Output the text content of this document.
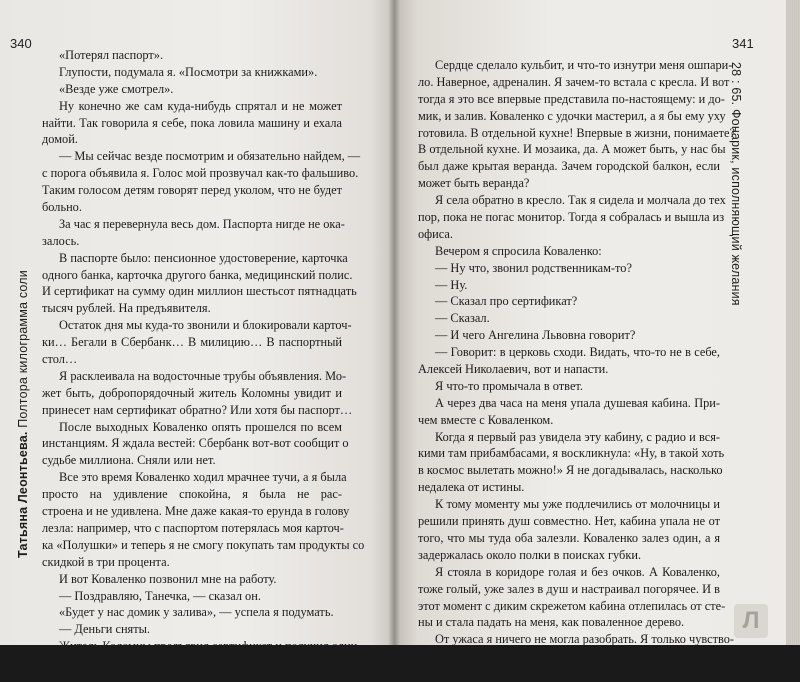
340
Татьяна Леонтьева. Полтора килограмма соли
«Потерял паспорт».
Глупости, подумала я. «Посмотри за книжками».
«Везде уже смотрел».
Ну конечно же сам куда-нибудь спрятал и не может
найти. Так говорила я себе, пока ловила машину и ехала
домой.
— Мы сейчас везде посмотрим и обязательно найдем, —
с порога объявила я. Голос мой прозвучал как-то фальшиво.
Таким голосом детям говорят перед уколом, что не будет
больно.
За час я перевернула весь дом. Паспорта нигде не ока-
залось.
В паспорте было: пенсионное удостоверение, карточка
одного банка, карточка другого банка, медицинский полис.
И сертификат на сумму один миллион шестьсот пятнадцать
тысяч рублей. На предъявителя.
Остаток дня мы куда-то звонили и блокировали карточ-
ки… Бегали в Сбербанк… В милицию… В паспортный
стол…
Я расклеивала на водосточные трубы объявления. Мо-
жет быть, добропорядочный житель Коломны увидит и
принесет нам сертификат обратно? Или хотя бы паспорт…
После выходных Коваленко опять прошелся по всем
инстанциям. Я ждала вестей: Сбербанк вот-вот сообщит о
судьбе миллиона. Сняли или нет.
Все это время Коваленко ходил мрачнее тучи, а я была
просто на удивление спокойна, я была не рас-
строена и не удивлена. Мне даже какая-то ерунда в голову
лезла: например, что с паспортом потерялась моя карточ-
ка «Полушки» и теперь я не смогу покупать там продукты со
скидкой в три процента.
И вот Коваленко позвонил мне на работу.
— Поздравляю, Танечка, — сказал он.
«Будет у нас домик у залива», — успела я подумать.
— Деньги сняты.
Житель Коломны предъявил сертификат и получил один
миллион шестьсот пятнадцать тысяч рублей.
341
28 : 65. Фонарик, исполняющий желания
Сердце сделало кульбит, и что-то изнутри меня ошпари-
ло. Наверное, адреналин. Я зачем-то встала с кресла. И вот
тогда я это все впервые представила по-настоящему: и до-
мик, и залив. Коваленко с удочки мастерил, а я бы ему уху
готовила. В отдельной кухне! Впервые в жизни, понимаете?
В отдельной кухне. И мозаика, да. А может быть, у нас бы
был даже крытая веранда. Зачем городской балкон, если
может быть веранда?
Я села обратно в кресло. Так я сидела и молчала до тех
пор, пока не погас монитор. Тогда я собралась и вышла из
офиса.
Вечером я спросила Коваленко:
— Ну что, звонил родственникам-то?
— Ну.
— Сказал про сертификат?
— Сказал.
— И чего Ангелина Львовна говорит?
— Говорит: в церковь сходи. Видать, что-то не в себе,
Алексей Николаевич, вот и напасти.
Я что-то промычала в ответ.
А через два часа на меня упала душевая кабина. При-
чем вместе с Коваленком.
Когда я первый раз увидела эту кабину, с радио и вся-
кими там прибамбасами, я воскликнула: «Ну, в такой хоть
в космос вылетать можно!» Я не догадывалась, насколько
недалека от истины.
К тому моменту мы уже подлечились от молочницы и
решили принять душ совместно. Нет, кабина упала не от
того, что мы туда оба залезли. Коваленко залез один, а я
задержалась около полки в поисках губки.
Я стояла в коридоре голая и без очков. А Коваленко,
тоже голый, уже залез в душ и настраивал погорячее. И в
этот момент с диким скрежетом кабина отлепилась от сте-
ны и стала падать на меня, как поваленное дерево.
От ужаса я ничего не могла разобрать. Я только чувство-
вала, как на меня пикируют мыльницы и запасные лезвия.
Ну и всякий-разный там шампунь.
Л
